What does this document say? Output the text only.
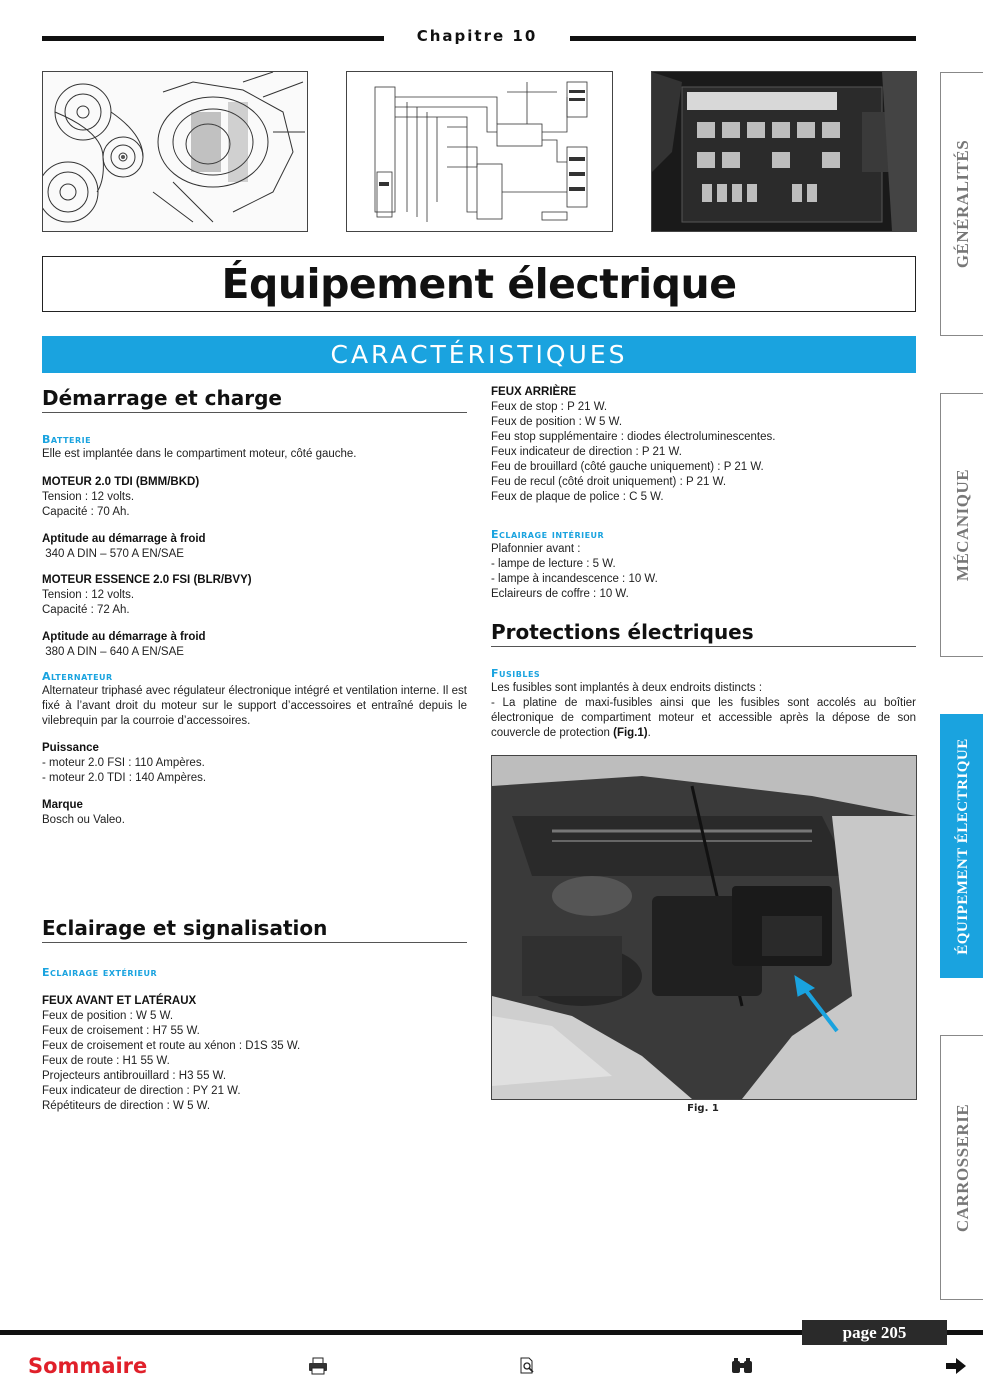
Chapitre 10
Équipement électrique
CARACTÉRISTIQUES
Démarrage et charge
Batterie

Elle est implantée dans le compartiment moteur, côté gauche.

MOTEUR 2.0 TDI (BMM/BKD)

Tension : 12 volts.

Capacité : 70 Ah.

Aptitude au démarrage à froid

340 A DIN – 570 A EN/SAE

MOTEUR ESSENCE 2.0 FSI (BLR/BVY)

Tension : 12 volts.

Capacité : 72 Ah.

Aptitude au démarrage à froid

380 A DIN – 640 A EN/SAE

Alternateur

Alternateur triphasé avec régulateur électronique intégré et ventilation interne. Il est fixé à l’avant droit du moteur sur le support d’accessoires et entraîné depuis le vilebrequin par la courroie d’accessoires.

Puissance

- moteur 2.0 FSI : 110 Ampères.

- moteur 2.0 TDI : 140 Ampères.

Marque

Bosch ou Valeo.

Eclairage et signalisation
Eclairage extérieur

FEUX AVANT ET LATÉRAUX

Feux de position : W 5 W.

Feux de croisement : H7 55 W.

Feux de croisement et route au xénon : D1S 35 W.

Feux de route : H1 55 W.

Projecteurs antibrouillard : H3 55 W.

Feux indicateur de direction : PY 21 W.

Répétiteurs de direction : W 5 W.

FEUX ARRIÈRE

Feux de stop : P 21 W.

Feux de position : W 5 W.

Feu stop supplémentaire : diodes électroluminescentes.

Feux indicateur de direction : P 21 W.

Feu de brouillard (côté gauche uniquement) : P 21 W.

Feu de recul (côté droit uniquement) : P 21 W.

Feux de plaque de police : C 5 W.

Eclairage intérieur

Plafonnier avant :

- lampe de lecture : 5 W.

- lampe à incandescence : 10 W.

Eclaireurs de coffre : 10 W.

Protections électriques
Fusibles

Les fusibles sont implantés à deux endroits distincts :

- La platine de maxi-fusibles ainsi que les fusibles sont accolés au boîtier électronique de compartiment moteur et accessible après la dépose de son couvercle de protection (Fig.1).

Fig. 1
GÉNÉRALITÉS
MÉCANIQUE
ÉQUIPEMENT ÉLECTRIQUE
CARROSSERIE
page 205
Sommaire
